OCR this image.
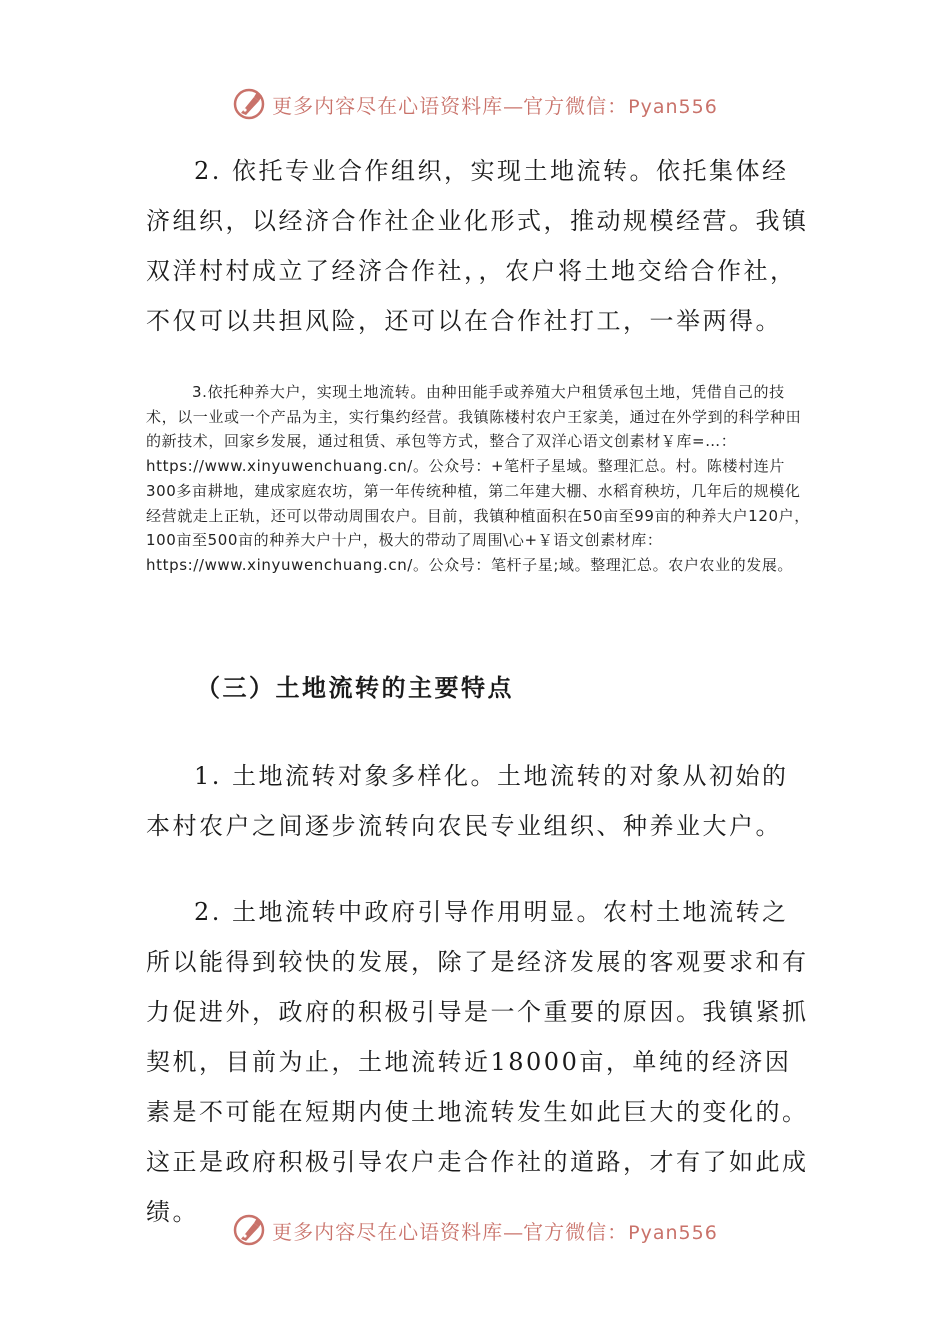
更多内容尽在心语资料库—官方微信：Pyan556

2. 依托专业合作组织，实现土地流转。依托集体经济组织，以经济合作社企业化形式，推动规模经营。我镇双洋村村成立了经济合作社，，农户将土地交给合作社，不仅可以共担风险，还可以在合作社打工，一举两得。

3.依托种养大户，实现土地流转。由种田能手或养殖大户租赁承包土地，凭借自己的技术，以一业或一个产品为主，实行集约经营。我镇陈楼村农户王家美，通过在外学到的科学种田的新技术，回家乡发展，通过租赁、承包等方式，整合了双洋心语文创素材￥库=…：https://www.xinyuwenchuang.cn/。公众号：+笔杆子星域。整理汇总。村。陈楼村连片300多亩耕地，建成家庭农坊，第一年传统种植，第二年建大棚、水稻育秧坊，几年后的规模化经营就走上正轨，还可以带动周围农户。目前，我镇种植面积在50亩至99亩的种养大户120户，100亩至500亩的种养大户十户，极大的带动了周围\心+￥语文创素材库：https://www.xinyuwenchuang.cn/。公众号：笔杆子星;域。整理汇总。农户农业的发展。

（三）土地流转的主要特点

1. 土地流转对象多样化。土地流转的对象从初始的本村农户之间逐步流转向农民专业组织、种养业大户。

2. 土地流转中政府引导作用明显。农村土地流转之所以能得到较快的发展，除了是经济发展的客观要求和有力促进外，政府的积极引导是一个重要的原因。我镇紧抓契机，目前为止，土地流转近18000亩，单纯的经济因素是不可能在短期内使土地流转发生如此巨大的变化的。这正是政府积极引导农户走合作社的道路，才有了如此成绩。

更多内容尽在心语资料库—官方微信：Pyan556
